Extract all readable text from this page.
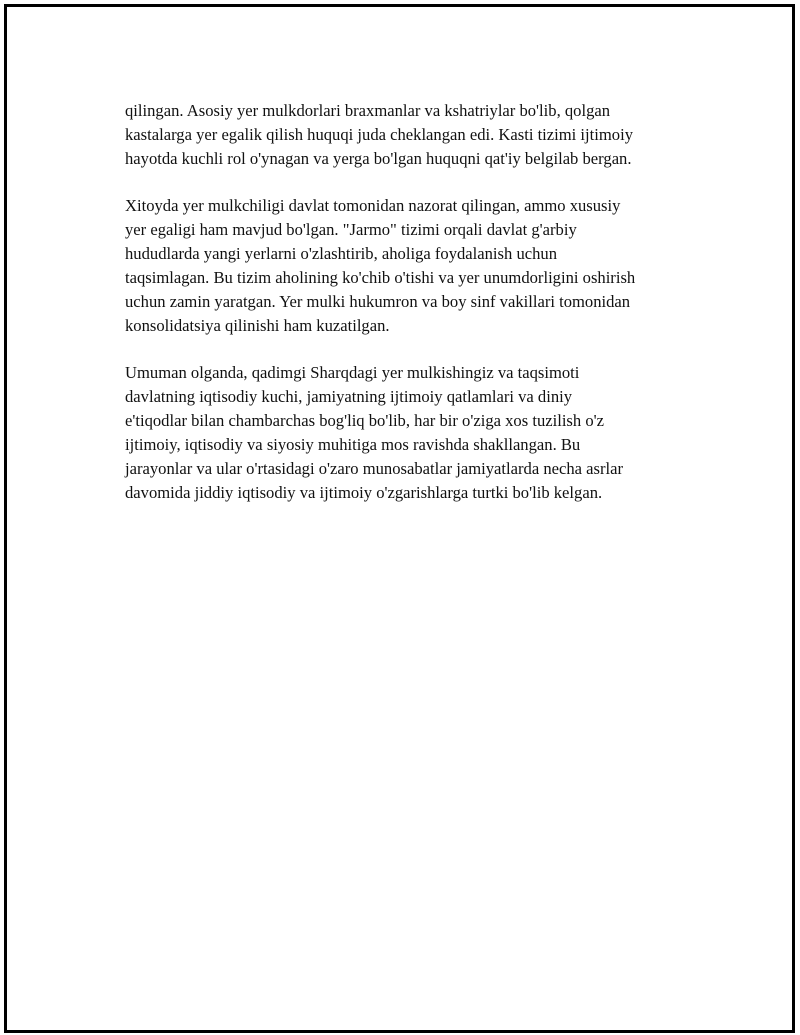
qilingan. Asosiy yer mulkdorlari braxmanlar va kshatriylar bo'lib, qolgan
kastalarga yer egalik qilish huquqi juda cheklangan edi. Kasti tizimi ijtimoiy
hayotda kuchli rol o'ynagan va yerga bo'lgan huquqni qat'iy belgilab bergan.

Xitoyda yer mulkchiligi davlat tomonidan nazorat qilingan, ammo xususiy
yer egaligi ham mavjud bo'lgan. "Jarmo" tizimi orqali davlat g'arbiy
hududlarda yangi yerlarni o'zlashtirib, aholiga foydalanish uchun
taqsimlagan. Bu tizim aholining ko'chib o'tishi va yer unumdorligini oshirish
uchun zamin yaratgan. Yer mulki hukumron va boy sinf vakillari tomonidan
konsolidatsiya qilinishi ham kuzatilgan.

Umuman olganda, qadimgi Sharqdagi yer mulkishingiz va taqsimoti
davlatning iqtisodiy kuchi, jamiyatning ijtimoiy qatlamlari va diniy
e'tiqodlar bilan chambarchas bog'liq bo'lib, har bir o'ziga xos tuzilish o'z
ijtimoiy, iqtisodiy va siyosiy muhitiga mos ravishda shakllangan. Bu
jarayonlar va ular o'rtasidagi o'zaro munosabatlar jamiyatlarda necha asrlar
davomida jiddiy iqtisodiy va ijtimoiy o'zgarishlarga turtki bo'lib kelgan.
